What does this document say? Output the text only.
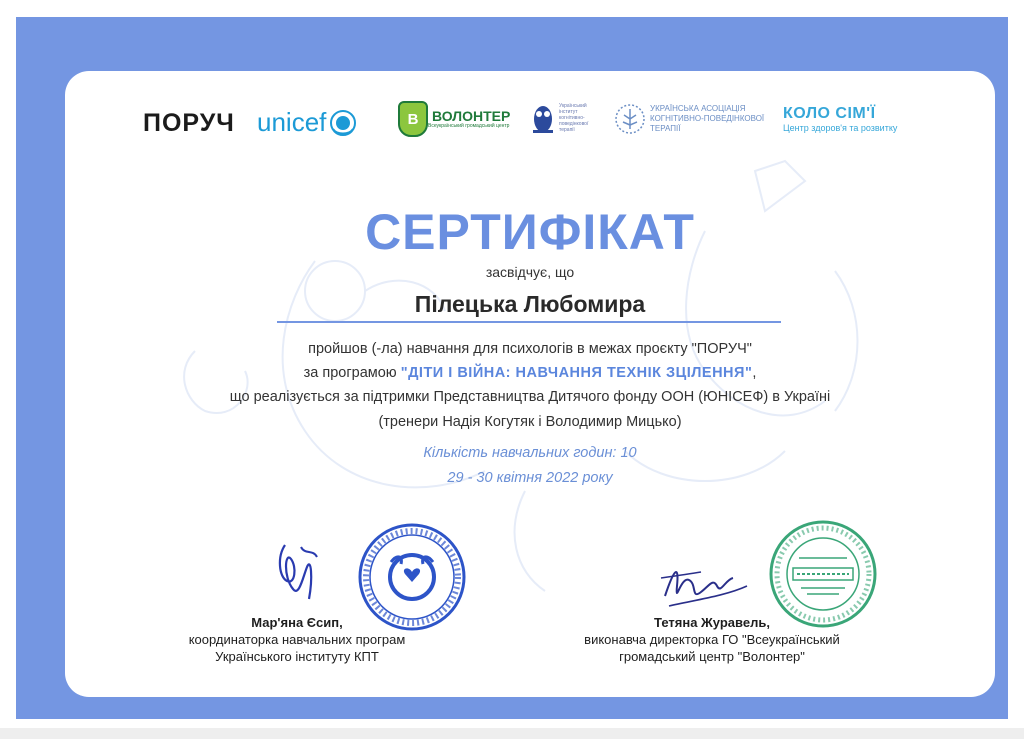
ПОРУЧ unicef	В ВОЛОНТЕР
Всеукраїнський громадський центр
Український інститут когнітивно-поведінкової терапії
УКРАЇНСЬКА АСОЦІАЦІЯ КОГНІТИВНО-ПОВЕДІНКОВОЇ ТЕРАПІЇ
КОЛО СІМ'Ї
Центр здоров'я та розвитку
СЕРТИФІКАТ
засвідчує, що
Пілецька Любомира
пройшов (-ла) навчання для психологів в межах проєкту "ПОРУЧ"
за програмою "ДІТИ І ВІЙНА: НАВЧАННЯ ТЕХНІК ЗЦІЛЕННЯ",
що реалізується за підтримки Представництва Дитячого фонду ООН (ЮНІСЕФ) в Україні
(тренери Надія Когутяк і Володимир Мицько)
Кількість навчальних годин: 10
29 - 30 квітня 2022 року
Мар'яна Єсип,
координаторка навчальних програм
Українського інституту КПТ
Тетяна Журавель,
виконавча директорка ГО "Всеукраїнський
громадський центр "Волонтер"
